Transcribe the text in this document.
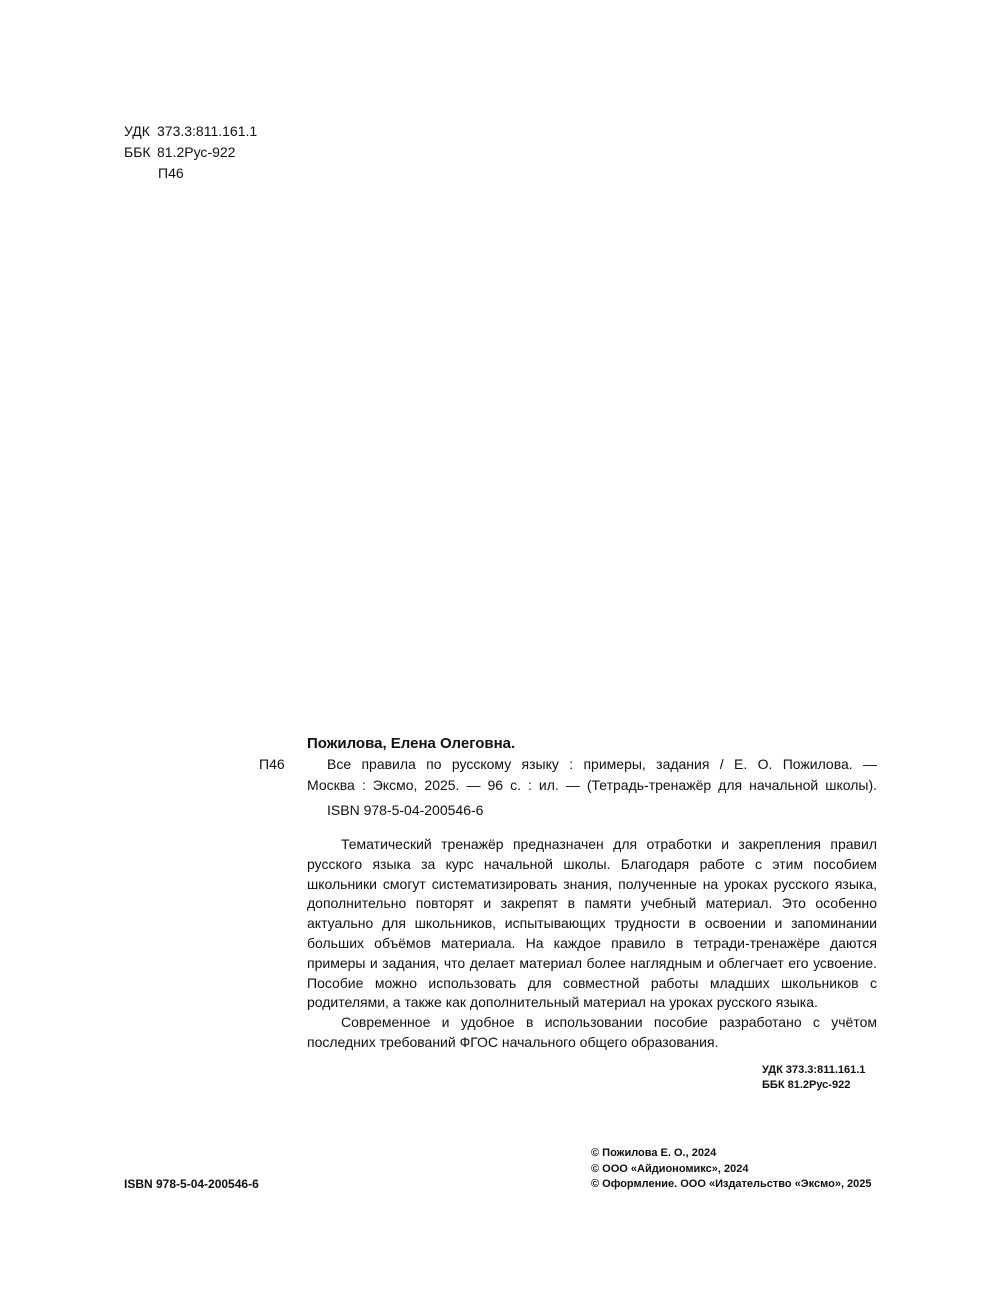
УДК 373.3:811.161.1
ББК 81.2Рус-922
П46
П46

Пожилова, Елена Олеговна.

Все правила по русскому языку : примеры, задания / Е. О. Пожилова. —

Москва : Эксмо, 2025. — 96 с. : ил. — (Тетрадь-тренажёр для начальной школы).

ISBN 978-5-04-200546-6

Тематический тренажёр предназначен для отработки и закрепления правил русского языка за курс начальной школы. Благодаря работе с этим пособием школьники смогут систематизировать знания, полученные на уроках русского языка, дополнительно повторят и закрепят в памяти учебный материал. Это особенно актуально для школьников, испытывающих трудности в освоении и запоминании больших объёмов материала. На каждое правило в тетради-тренажёре даются примеры и задания, что делает материал более наглядным и облегчает его усвоение. Пособие можно использовать для совместной работы младших школьников с родителями, а также как дополнительный материал на уроках русского языка.

Современное и удобное в использовании пособие разработано с учётом последних требований ФГОС начального общего образования.

УДК 373.3:811.161.1
ББК 81.2Рус-922
ISBN 978-5-04-200546-6
© Пожилова Е. О., 2024
© ООО «Айдиономикс», 2024
© Оформление. ООО «Издательство «Эксмо», 2025
